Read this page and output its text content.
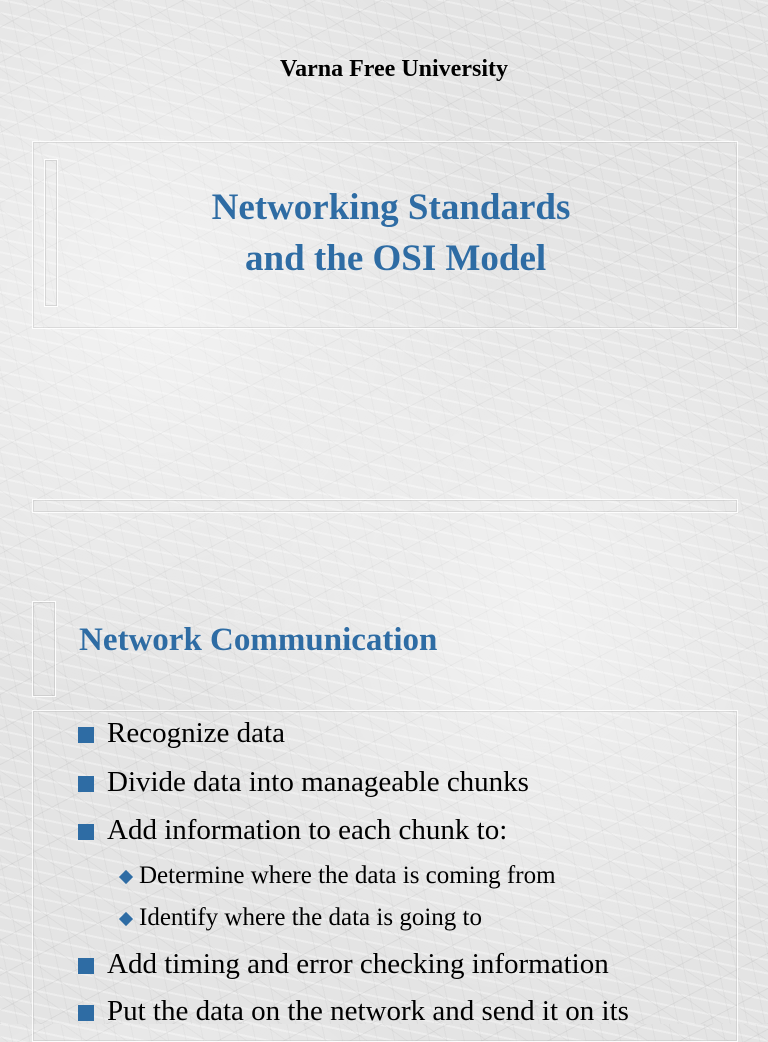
Varna Free University
Networking Standards
and the OSI Model
Network Communication
Recognize data
Divide data into manageable chunks
Add information to each chunk to:
Determine where the data is coming from
Identify where the data is going to
Add timing and error checking information
Put the data on the network and send it on its
